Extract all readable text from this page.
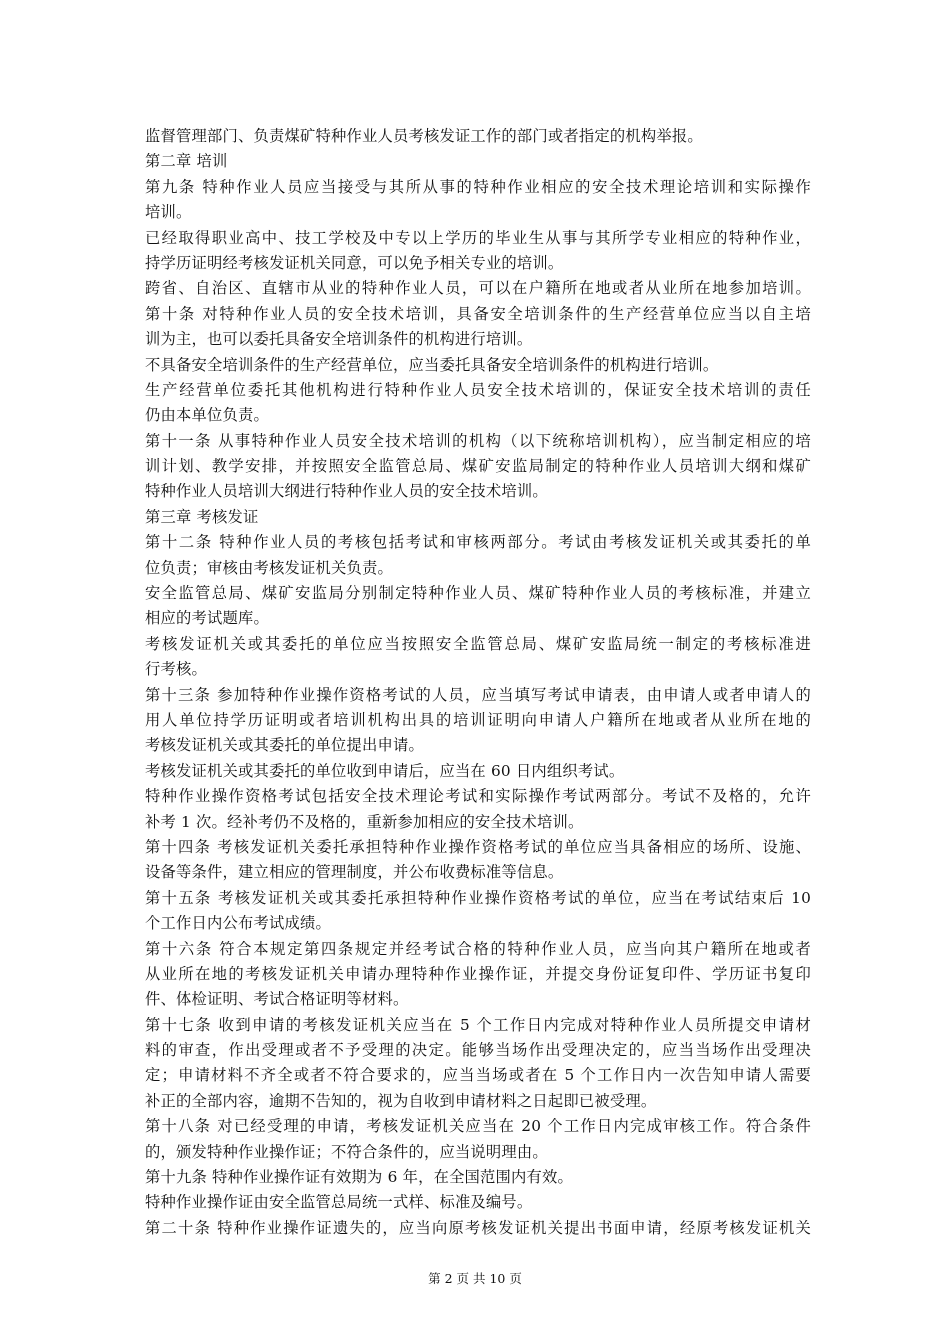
监督管理部门、负责煤矿特种作业人员考核发证工作的部门或者指定的机构举报。
第二章 培训
第九条 特种作业人员应当接受与其所从事的特种作业相应的安全技术理论培训和实际操作
培训。
已经取得职业高中、技工学校及中专以上学历的毕业生从事与其所学专业相应的特种作业，
持学历证明经考核发证机关同意，可以免予相关专业的培训。
跨省、自治区、直辖市从业的特种作业人员，可以在户籍所在地或者从业所在地参加培训。
第十条 对特种作业人员的安全技术培训，具备安全培训条件的生产经营单位应当以自主培
训为主，也可以委托具备安全培训条件的机构进行培训。
不具备安全培训条件的生产经营单位，应当委托具备安全培训条件的机构进行培训。
生产经营单位委托其他机构进行特种作业人员安全技术培训的，保证安全技术培训的责任
仍由本单位负责。
第十一条 从事特种作业人员安全技术培训的机构（以下统称培训机构），应当制定相应的培
训计划、教学安排，并按照安全监管总局、煤矿安监局制定的特种作业人员培训大纲和煤矿
特种作业人员培训大纲进行特种作业人员的安全技术培训。
第三章 考核发证
第十二条 特种作业人员的考核包括考试和审核两部分。考试由考核发证机关或其委托的单
位负责；审核由考核发证机关负责。
安全监管总局、煤矿安监局分别制定特种作业人员、煤矿特种作业人员的考核标准，并建立
相应的考试题库。
考核发证机关或其委托的单位应当按照安全监管总局、煤矿安监局统一制定的考核标准进
行考核。
第十三条 参加特种作业操作资格考试的人员，应当填写考试申请表，由申请人或者申请人的
用人单位持学历证明或者培训机构出具的培训证明向申请人户籍所在地或者从业所在地的
考核发证机关或其委托的单位提出申请。
考核发证机关或其委托的单位收到申请后，应当在 60 日内组织考试。
特种作业操作资格考试包括安全技术理论考试和实际操作考试两部分。考试不及格的，允许
补考 1 次。经补考仍不及格的，重新参加相应的安全技术培训。
第十四条 考核发证机关委托承担特种作业操作资格考试的单位应当具备相应的场所、设施、
设备等条件，建立相应的管理制度，并公布收费标准等信息。
第十五条 考核发证机关或其委托承担特种作业操作资格考试的单位，应当在考试结束后 10
个工作日内公布考试成绩。
第十六条 符合本规定第四条规定并经考试合格的特种作业人员，应当向其户籍所在地或者
从业所在地的考核发证机关申请办理特种作业操作证，并提交身份证复印件、学历证书复印
件、体检证明、考试合格证明等材料。
第十七条 收到申请的考核发证机关应当在 5 个工作日内完成对特种作业人员所提交申请材
料的审查，作出受理或者不予受理的决定。能够当场作出受理决定的，应当当场作出受理决
定；申请材料不齐全或者不符合要求的，应当当场或者在 5 个工作日内一次告知申请人需要
补正的全部内容，逾期不告知的，视为自收到申请材料之日起即已被受理。
第十八条 对已经受理的申请，考核发证机关应当在 20 个工作日内完成审核工作。符合条件
的，颁发特种作业操作证；不符合条件的，应当说明理由。
第十九条 特种作业操作证有效期为 6 年，在全国范围内有效。
特种作业操作证由安全监管总局统一式样、标准及编号。
第二十条 特种作业操作证遗失的，应当向原考核发证机关提出书面申请，经原考核发证机关
第 2 页 共 10 页
